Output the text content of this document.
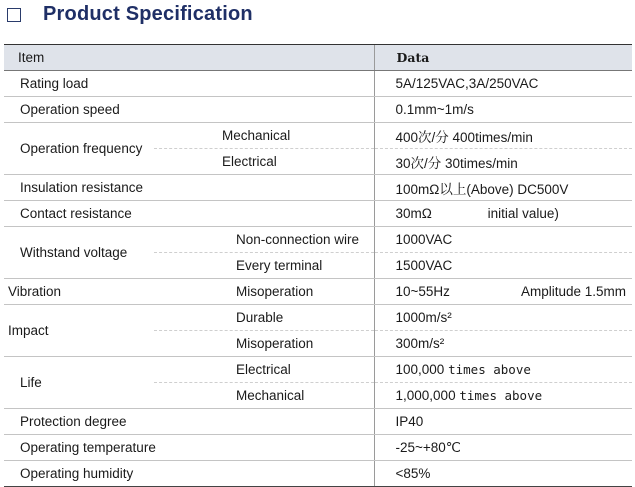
Product Specification
Item		Data
Rating load		5A/125VAC,3A/250VAC
Operation speed		0.1mm~1m/s
Operation frequency	Mechanical	400次/分 400times/min
	Electrical	30次/分 30times/min
Insulation resistance		100mΩ以上(Above) DC500V
Contact resistance		30mΩ initial value)
Withstand voltage	Non-connection wire	1000VAC
	Every terminal	1500VAC
Vibration	Misoperation	10~55Hz Amplitude 1.5mm

Impact	Durable	1000m/s²
	Misoperation	300m/s²
Life	Electrical	100,000 times above
	Mechanical	1,000,000 times above
Protection degree		IP40
Operating temperature		-25~+80℃
Operating humidity		<85%
